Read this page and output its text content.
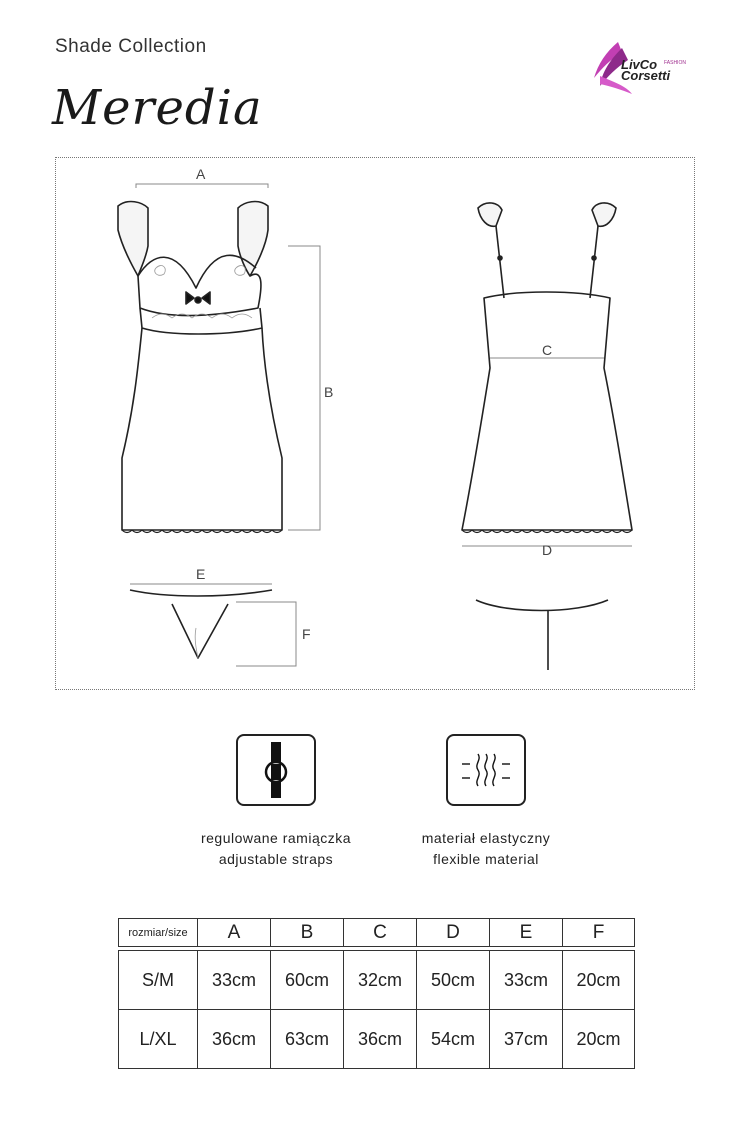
Shade Collection
Meredia
LivCo FASHION
Corsetti
A
B
C
D
E
F
regulowane ramiączka
adjustable straps
materiał elastyczny
flexible material
rozmiar/size	A	B	C	D	E	F

S/M	33cm	60cm	32cm	50cm	33cm	20cm
L/XL	36cm	63cm	36cm	54cm	37cm	20cm
